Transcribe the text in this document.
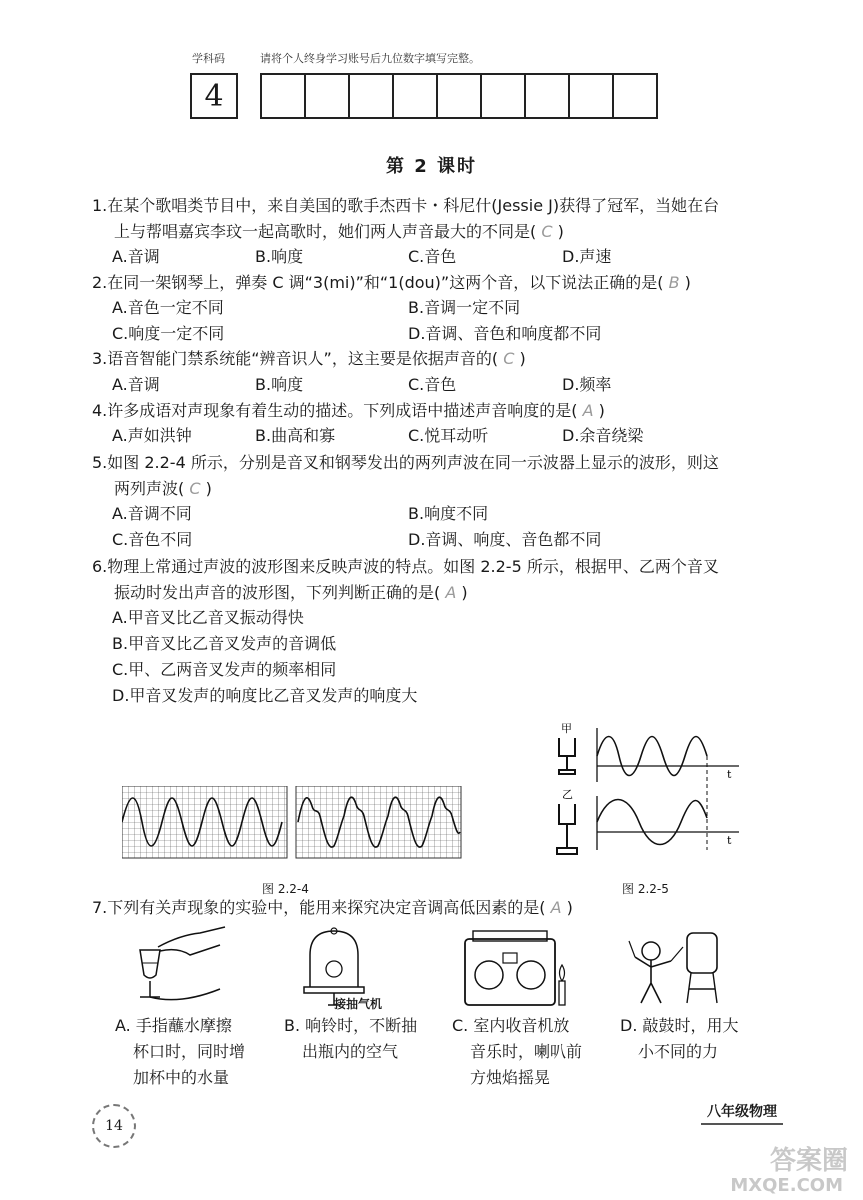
学科码	请将个人终身学习账号后九位数字填写完整。
4
第 2 课时
1.在某个歌唱类节目中，来自美国的歌手杰西卡・科尼什(Jessie J)获得了冠军，当她在台
上与帮唱嘉宾李玟一起高歌时，她们两人声音最大的不同是( C )
A.音调	B.响度	C.音色	D.声速
2.在同一架钢琴上，弹奏 C 调“3(mi)”和“1(dou)”这两个音，以下说法正确的是( B )
A.音色一定不同	B.音调一定不同
C.响度一定不同	D.音调、音色和响度都不同
3.语音智能门禁系统能“辨音识人”，这主要是依据声音的( C )
A.音调	B.响度	C.音色	D.频率
4.许多成语对声现象有着生动的描述。下列成语中描述声音响度的是( A )
A.声如洪钟	B.曲高和寡	C.悦耳动听	D.余音绕梁
5.如图 2.2-4 所示，分别是音叉和钢琴发出的两列声波在同一示波器上显示的波形，则这
两列声波( C )
A.音调不同	B.响度不同
C.音色不同	D.音调、响度、音色都不同
6.物理上常通过声波的波形图来反映声波的特点。如图 2.2-5 所示，根据甲、乙两个音叉
振动时发出声音的波形图，下列判断正确的是( A )
A.甲音叉比乙音叉振动得快
B.甲音叉比乙音叉发声的音调低
C.甲、乙两音叉发声的频率相同
D.甲音叉发声的响度比乙音叉发声的响度大
图 2.2-4
甲
乙
t
t
图 2.2-5
7.下列有关声现象的实验中，能用来探究决定音调高低因素的是( A )
接抽气机
A. 手指蘸水摩擦
杯口时，同时增
加杯中的水量
B. 响铃时，不断抽
出瓶内的空气
C. 室内收音机放
音乐时，喇叭前
方烛焰摇晃
D. 敲鼓时，用大
小不同的力
14
八年级物理
答案圈
MXQE.COM
